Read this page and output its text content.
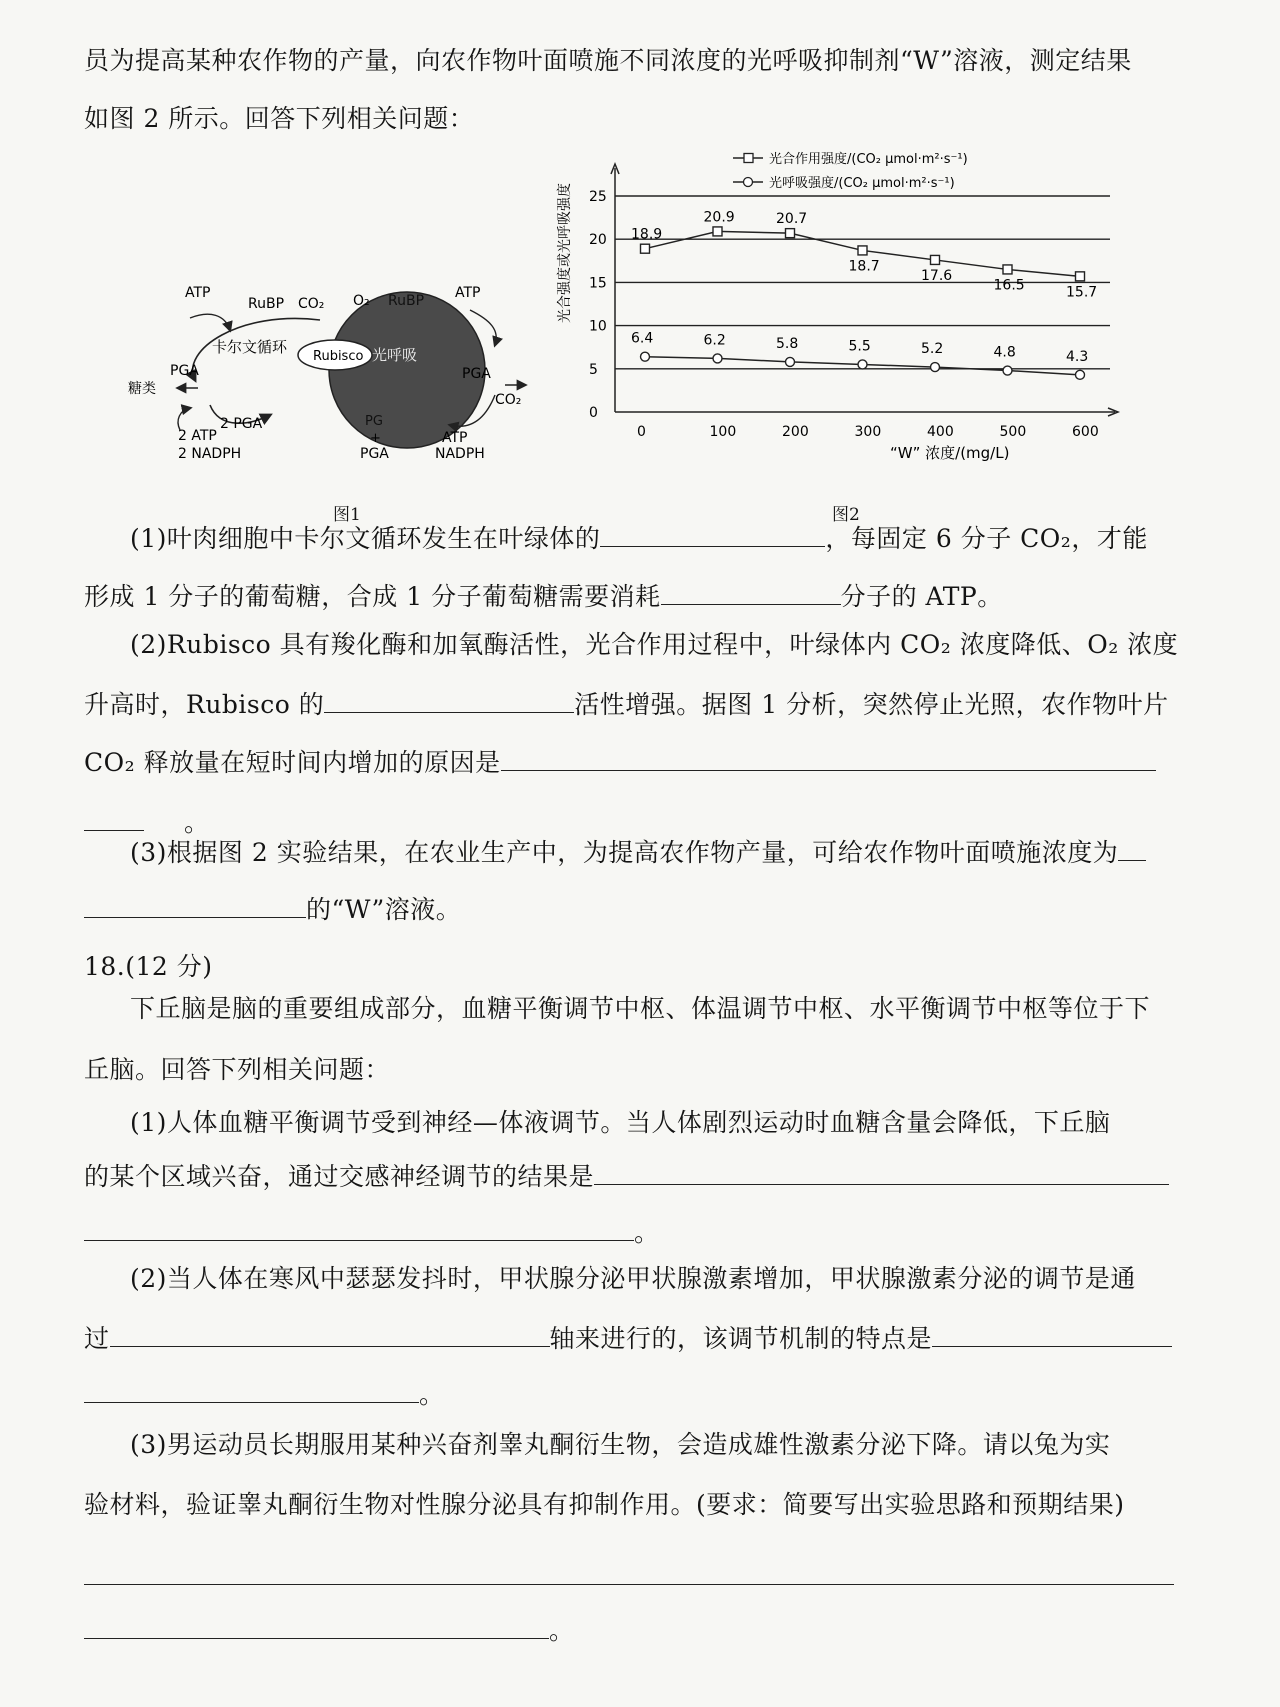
员为提高某种农作物的产量，向农作物叶面喷施不同浓度的光呼吸抑制剂“W”溶液，测定结果
如图 2 所示。回答下列相关问题：
ATP
RuBP CO₂ O₂ RuBP ATP
卡尔文循环
Rubisco 光呼吸
PGA
糖类
PGA
CO₂
2 PGA
2 ATP
2 NADPH
PG
+
PGA
ATP
NADPH
图1
0
5
10
15
20
25
0	100	200	300	400	500	600
18.9
20.9	20.7
18.7
17.6
16.5	15.7
6.4	6.2	5.8	5.5	5.2	4.8	4.3
光合强度或光呼吸强度
“W” 浓度/(mg/L)
光合作用强度/(CO₂ μmol·m²·s⁻¹)
光呼吸强度/(CO₂ μmol·m²·s⁻¹)
图2
(1)叶肉细胞中卡尔文循环发生在叶绿体的	，每固定 6 分子 CO₂，才能
形成 1 分子的葡萄糖，合成 1 分子葡萄糖需要消耗	分子的 ATP。
(2)Rubisco 具有羧化酶和加氧酶活性，光合作用过程中，叶绿体内 CO₂ 浓度降低、O₂ 浓度
升高时，Rubisco 的	活性增强。据图 1 分析，突然停止光照，农作物叶片
CO₂ 释放量在短时间内增加的原因是
。
(3)根据图 2 实验结果，在农业生产中，为提高农作物产量，可给农作物叶面喷施浓度为
的“W”溶液。
18.(12 分)
下丘脑是脑的重要组成部分，血糖平衡调节中枢、体温调节中枢、水平衡调节中枢等位于下
丘脑。回答下列相关问题：
(1)人体血糖平衡调节受到神经—体液调节。当人体剧烈运动时血糖含量会降低，下丘脑
的某个区域兴奋，通过交感神经调节的结果是
。
(2)当人体在寒风中瑟瑟发抖时，甲状腺分泌甲状腺激素增加，甲状腺激素分泌的调节是通
过	轴来进行的，该调节机制的特点是
。
(3)男运动员长期服用某种兴奋剂睾丸酮衍生物，会造成雄性激素分泌下降。请以兔为实
验材料，验证睾丸酮衍生物对性腺分泌具有抑制作用。(要求：简要写出实验思路和预期结果)
。
